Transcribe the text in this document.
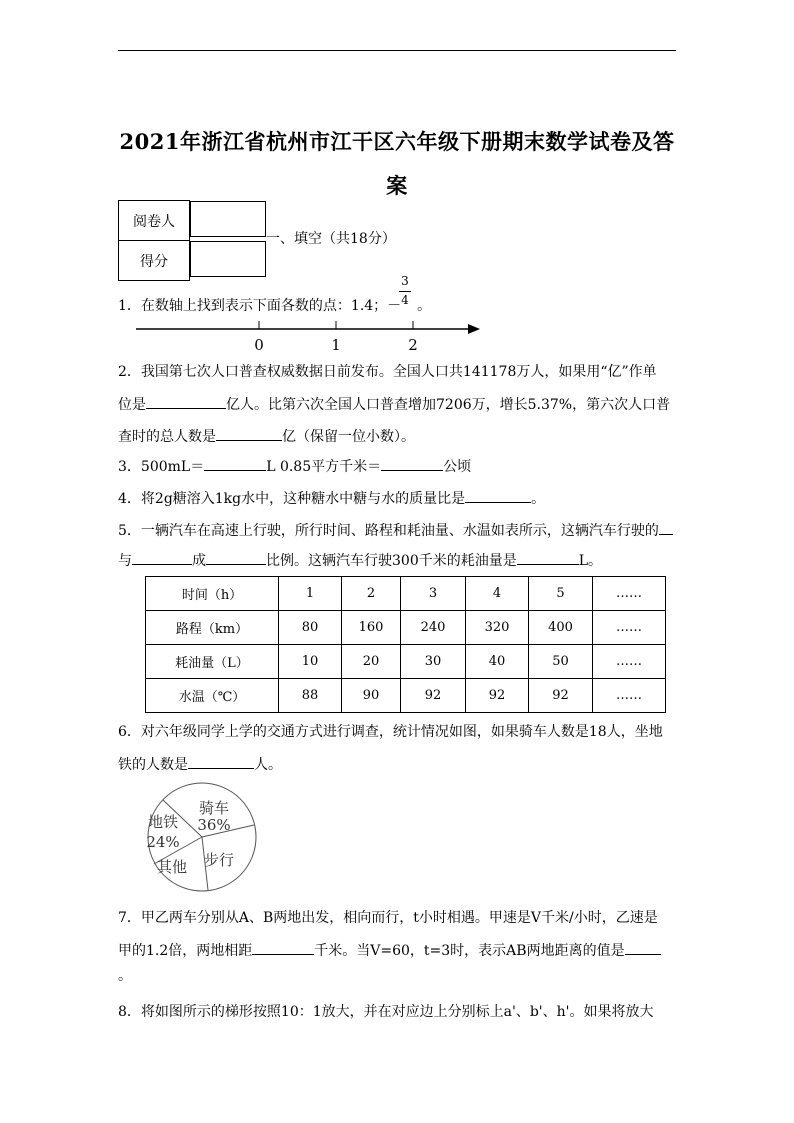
2021年浙江省杭州市江干区六年级下册期末数学试卷及答
案
阅卷人	
得分	
一、填空（共18分）
1．在数轴上找到表示下面各数的点：1.4；－ 。
3
4
0	1	2
2．我国第七次人口普查权威数据日前发布。全国人口共141178万人，如果用“亿”作单
位是	亿人。比第六次全国人口普查增加7206万，增长5.37%，第六次人口普
查时的总人数是	亿（保留一位小数）。
3．500mL＝	L 0.85平方千米＝	公顷
4．将2g糖溶入1kg水中，这种糖水中糖与水的质量比是	。
5．一辆汽车在高速上行驶，所行时间、路程和耗油量、水温如表所示，这辆汽车行驶的
与	成	比例。这辆汽车行驶300千米的耗油量是	L。
时间（h）	1	2	3	4	5	……
路程（km）	80	160	240	320	400	……
耗油量（L）	10	20	30	40	50	……
水温（℃）	88	90	92	92	92	……
6．对六年级同学上学的交通方式进行调查，统计情况如图，如果骑车人数是18人，坐地
铁的人数是	人。
骑车
36%
地铁
24%
其他 步行
7．甲乙两车分别从A、B两地出发，相向而行，t小时相遇。甲速是V千米/小时，乙速是
甲的1.2倍，两地相距	千米。当V=60，t=3时，表示AB两地距离的值是
。
8．将如图所示的梯形按照10：1放大，并在对应边上分别标上a'、b'、h'。如果将放大
